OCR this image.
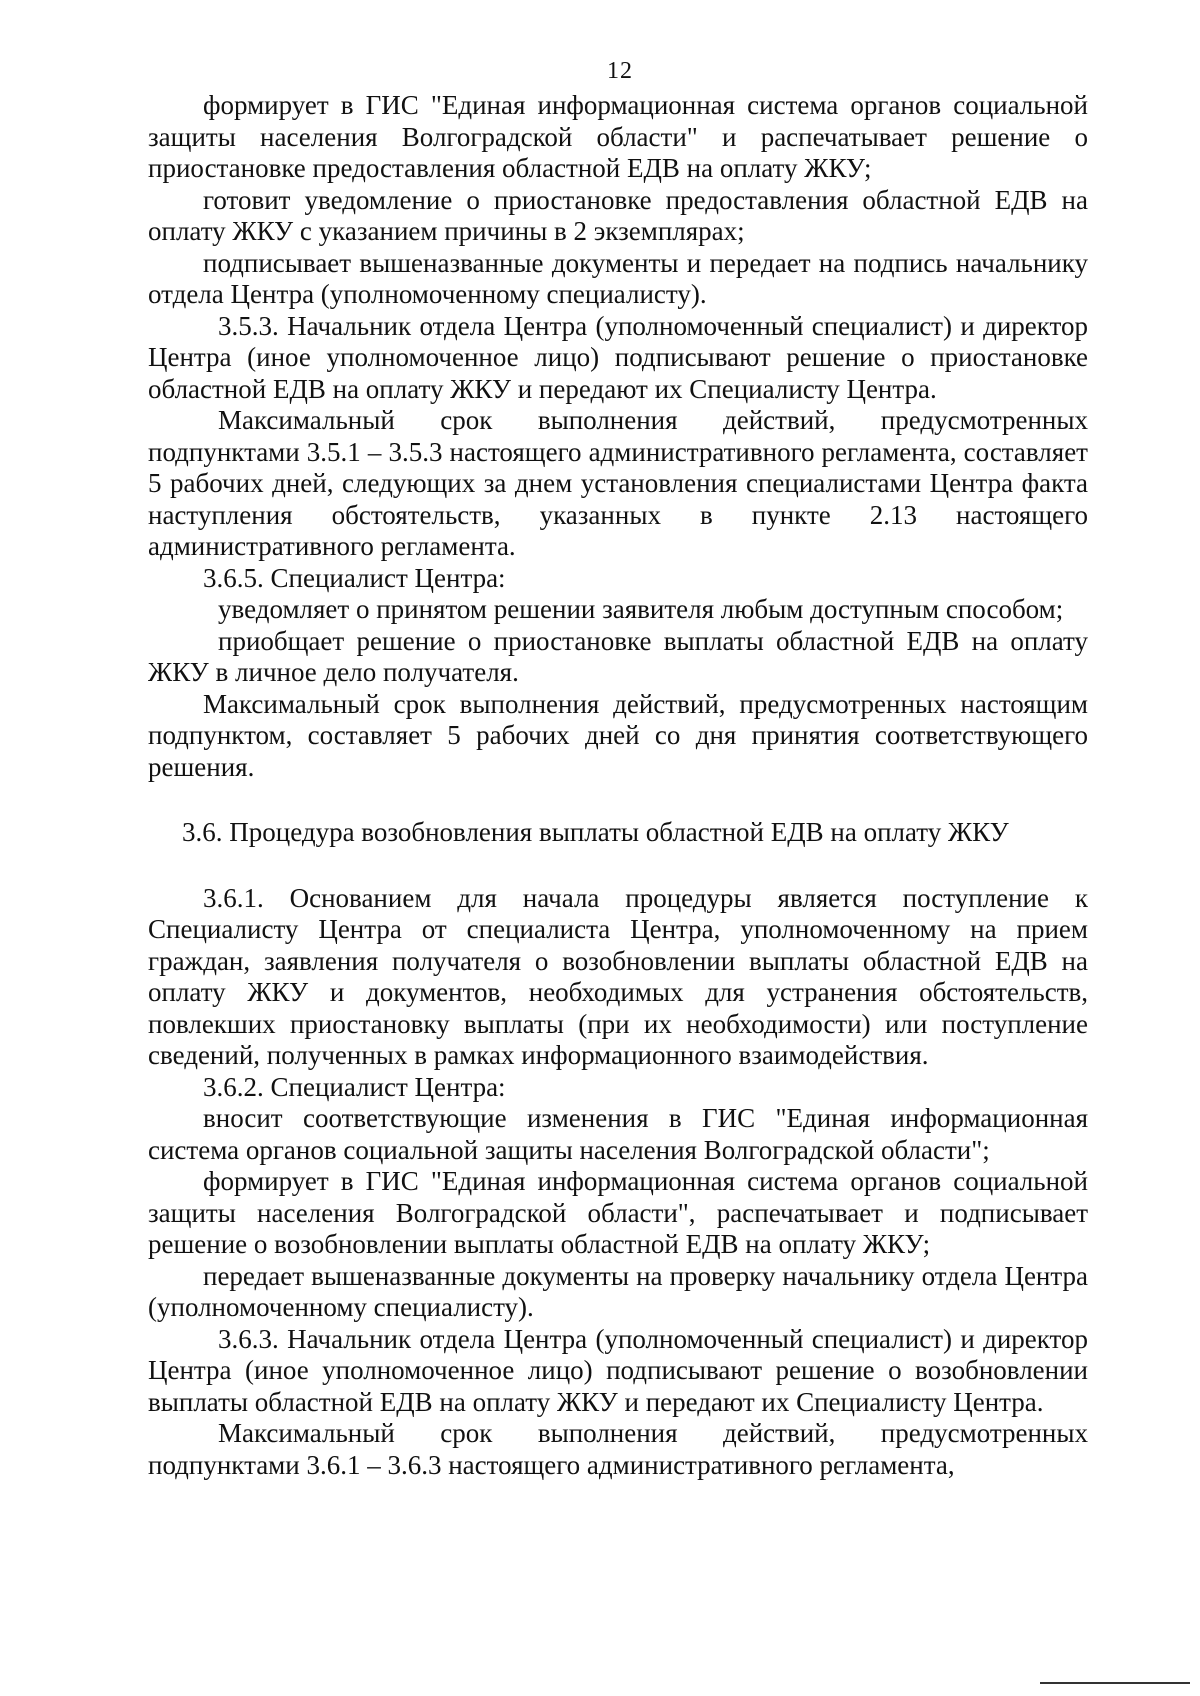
12

формирует в ГИС "Единая информационная система органов социальной защиты населения Волгоградской области" и распечатывает решение о приостановке предоставления областной ЕДВ на оплату ЖКУ;

готовит уведомление о приостановке предоставления областной ЕДВ на оплату ЖКУ с указанием причины в 2 экземплярах;

подписывает вышеназванные документы и передает на подпись начальнику отдела Центра (уполномоченному специалисту).

3.5.3. Начальник отдела Центра (уполномоченный специалист) и директор Центра (иное уполномоченное лицо) подписывают решение о приостановке областной ЕДВ на оплату ЖКУ и передают их Специалисту Центра.

Максимальный срок выполнения действий, предусмотренных подпунктами 3.5.1 – 3.5.3 настоящего административного регламента, составляет 5 рабочих дней, следующих за днем установления специалистами Центра факта наступления обстоятельств, указанных в пункте 2.13 настоящего административного регламента.

3.6.5. Специалист Центра:

уведомляет о принятом решении заявителя любым доступным способом;

приобщает решение о приостановке выплаты областной ЕДВ на оплату ЖКУ в личное дело получателя.

Максимальный срок выполнения действий, предусмотренных настоящим подпунктом, составляет 5 рабочих дней со дня принятия соответствующего решения.

3.6. Процедура возобновления выплаты областной ЕДВ на оплату ЖКУ

3.6.1. Основанием для начала процедуры является поступление к Специалисту Центра от специалиста Центра, уполномоченному на прием граждан, заявления получателя о возобновлении выплаты областной ЕДВ на оплату ЖКУ и документов, необходимых для устранения обстоятельств, повлекших приостановку выплаты (при их необходимости) или поступление сведений, полученных в рамках информационного взаимодействия.

3.6.2. Специалист Центра:

вносит соответствующие изменения в ГИС "Единая информационная система органов социальной защиты населения Волгоградской области";

формирует в ГИС "Единая информационная система органов социальной защиты населения Волгоградской области", распечатывает и подписывает решение о возобновлении выплаты областной ЕДВ на оплату ЖКУ;

передает вышеназванные документы на проверку начальнику отдела Центра (уполномоченному специалисту).

3.6.3. Начальник отдела Центра (уполномоченный специалист) и директор Центра (иное уполномоченное лицо) подписывают решение о возобновлении выплаты областной ЕДВ на оплату ЖКУ и передают их Специалисту Центра.

Максимальный срок выполнения действий, предусмотренных подпунктами 3.6.1 – 3.6.3 настоящего административного регламента,
